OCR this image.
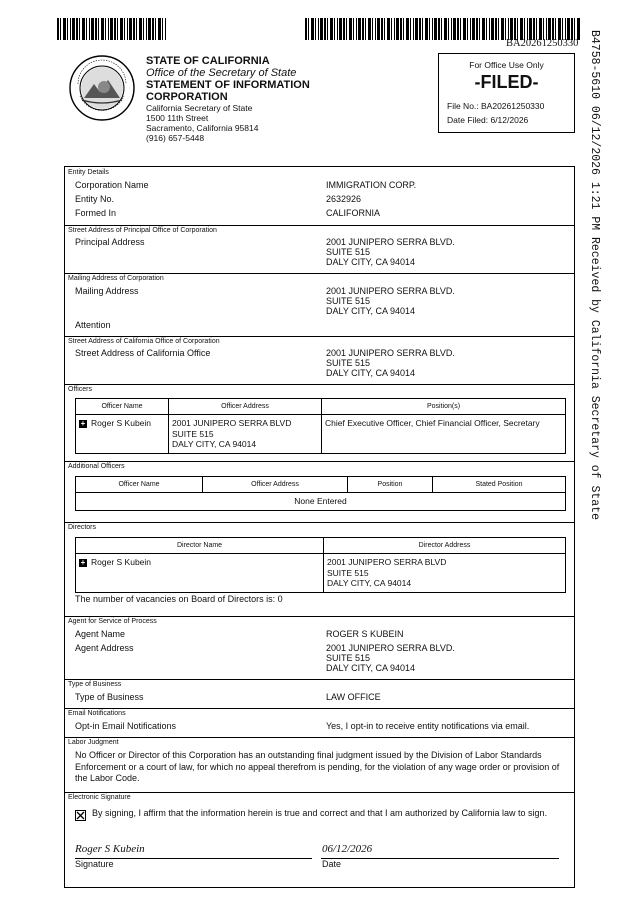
BA20261250330
STATE OF CALIFORNIA
Office of the Secretary of State
STATEMENT OF INFORMATION
CORPORATION
California Secretary of State
1500 11th Street
Sacramento, California 95814
(916) 657-5448
For Office Use Only
-FILED-
File No.: BA20261250330
Date Filed: 6/12/2026	B4758-5610 06/12/2026 1:21 PM Received by California Secretary of State
Entity Details
Corporation Name	IMMIGRATION CORP.
Entity No.	2632926
Formed In	CALIFORNIA
Street Address of Principal Office of Corporation
Principal Address	2001 JUNIPERO SERRA BLVD.
SUITE 515
DALY CITY, CA 94014
Mailing Address of Corporation
Mailing Address	2001 JUNIPERO SERRA BLVD.
SUITE 515
DALY CITY, CA 94014
Attention
Street Address of California Office of Corporation
Street Address of California Office	2001 JUNIPERO SERRA BLVD.
SUITE 515
DALY CITY, CA 94014
Officers
Officer Name	Officer Address	Position(s)
+ Roger S Kubein	2001 JUNIPERO SERRA BLVD
SUITE 515
DALY CITY, CA 94014	Chief Executive Officer, Chief Financial Officer, Secretary
Additional Officers
Officer Name	Officer Address	Position	Stated Position
None Entered
Directors
Director Name	Director Address
+ Roger S Kubein	2001 JUNIPERO SERRA BLVD
SUITE 515
DALY CITY, CA 94014
The number of vacancies on Board of Directors is: 0
Agent for Service of Process
Agent Name	ROGER S KUBEIN
Agent Address	2001 JUNIPERO SERRA BLVD.
SUITE 515
DALY CITY, CA 94014
Type of Business
Type of Business	LAW OFFICE
Email Notifications
Opt-in Email Notifications	Yes, I opt-in to receive entity notifications via email.
Labor Judgment
No Officer or Director of this Corporation has an outstanding final judgment issued by the Division of Labor Standards Enforcement or a court of law, for which no appeal therefrom is pending, for the violation of any wage order or provision of the Labor Code.
Electronic Signature
By signing, I affirm that the information herein is true and correct and that I am authorized by California law to sign.
Roger S Kubein
Signature
06/12/2026
Date
